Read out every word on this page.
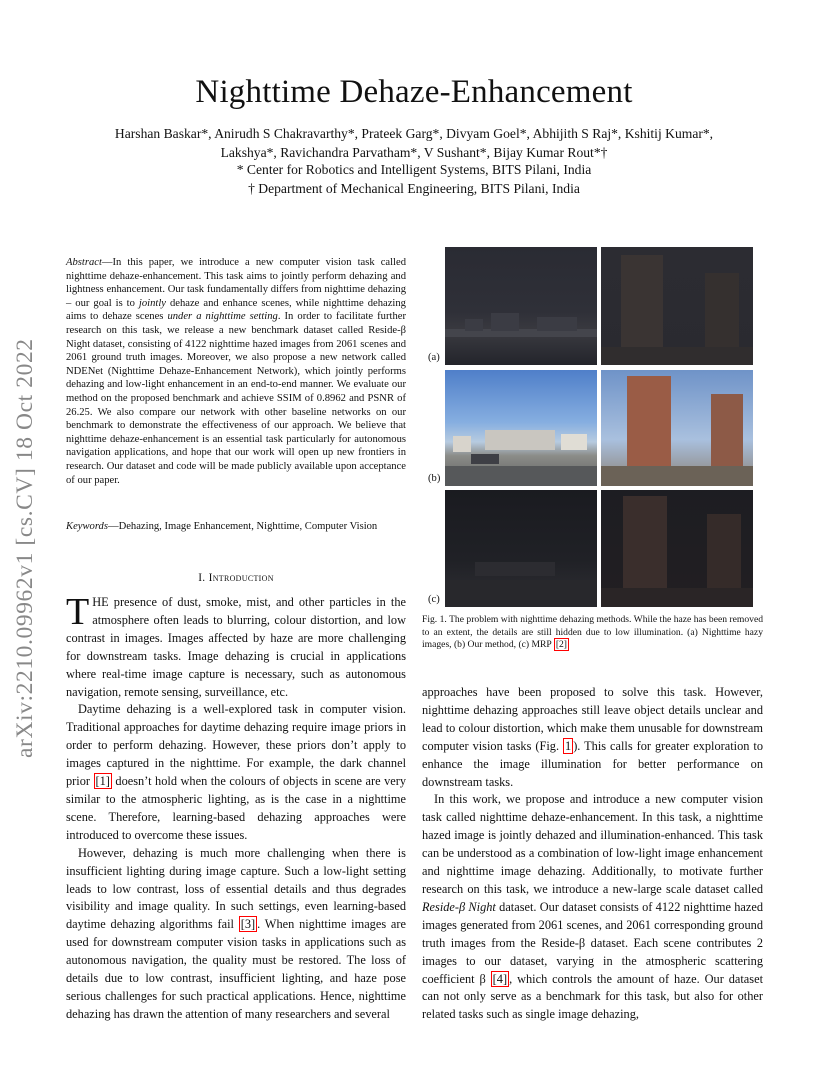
arXiv:2210.09962v1 [cs.CV] 18 Oct 2022
Nighttime Dehaze-Enhancement
Harshan Baskar*, Anirudh S Chakravarthy*, Prateek Garg*, Divyam Goel*, Abhijith S Raj*, Kshitij Kumar*,
Lakshya*, Ravichandra Parvatham*, V Sushant*, Bijay Kumar Rout*†
* Center for Robotics and Intelligent Systems, BITS Pilani, India
† Department of Mechanical Engineering, BITS Pilani, India
Abstract—In this paper, we introduce a new computer vision task called nighttime dehaze-enhancement. This task aims to jointly perform dehazing and lightness enhancement. Our task fundamentally differs from nighttime dehazing – our goal is to jointly dehaze and enhance scenes, while nighttime dehazing aims to dehaze scenes under a nighttime setting. In order to facilitate further research on this task, we release a new benchmark dataset called Reside-β Night dataset, consisting of 4122 nighttime hazed images from 2061 scenes and 2061 ground truth images. Moreover, we also propose a new network called NDENet (Nighttime Dehaze-Enhancement Network), which jointly performs dehazing and low-light enhancement in an end-to-end manner. We evaluate our method on the proposed benchmark and achieve SSIM of 0.8962 and PSNR of 26.25. We also compare our network with other baseline networks on our benchmark to demonstrate the effectiveness of our approach. We believe that nighttime dehaze-enhancement is an essential task particularly for autonomous navigation applications, and hope that our work will open up new frontiers in research. Our dataset and code will be made publicly available upon acceptance of our paper.
Keywords—Dehazing, Image Enhancement, Nighttime, Computer Vision
I. Introduction

THE presence of dust, smoke, mist, and other particles in the atmosphere often leads to blurring, colour distortion, and low contrast in images. Images affected by haze are more challenging for downstream tasks. Image dehazing is crucial in applications where real-time image capture is necessary, such as autonomous navigation, remote sensing, surveillance, etc.

Daytime dehazing is a well-explored task in computer vision. Traditional approaches for daytime dehazing require image priors in order to perform dehazing. However, these priors don’t apply to images captured in the nighttime. For example, the dark channel prior [1] doesn’t hold when the colours of objects in scene are very similar to the atmospheric lighting, as is the case in a nighttime scene. Therefore, learning-based dehazing approaches were introduced to overcome these issues.

However, dehazing is much more challenging when there is insufficient lighting during image capture. Such a low-light setting leads to low contrast, loss of essential details and thus degrades visibility and image quality. In such settings, even learning-based daytime dehazing algorithms fail [3] . When nighttime images are used for downstream computer vision tasks in applications such as autonomous navigation, the quality must be restored. The loss of details due to low contrast, insufficient lighting, and haze pose serious challenges for such practical applications. Hence, nighttime dehazing has drawn the attention of many researchers and several

(a)
(b)
(c)
Fig. 1. The problem with nighttime dehazing methods. While the haze has been removed to an extent, the details are still hidden due to low illumination. (a) Nighttime hazy images, (b) Our method, (c) MRP [2]

approaches have been proposed to solve this task. However, nighttime dehazing approaches still leave object details unclear and lead to colour distortion, which make them unusable for downstream computer vision tasks (Fig. 1 ). This calls for greater exploration to enhance the image illumination for better performance on downstream tasks.

In this work, we propose and introduce a new computer vision task called nighttime dehaze-enhancement. In this task, a nighttime hazed image is jointly dehazed and illumination-enhanced. This task can be understood as a combination of low-light image enhancement and nighttime image dehazing. Additionally, to motivate further research on this task, we introduce a new-large scale dataset called Reside-β Night dataset. Our dataset consists of 4122 nighttime hazed images generated from 2061 scenes, and 2061 corresponding ground truth images from the Reside-β dataset. Each scene contributes 2 images to our dataset, varying in the atmospheric scattering coefficient β [4] , which controls the amount of haze. Our dataset can not only serve as a benchmark for this task, but also for other related tasks such as single image dehazing,
